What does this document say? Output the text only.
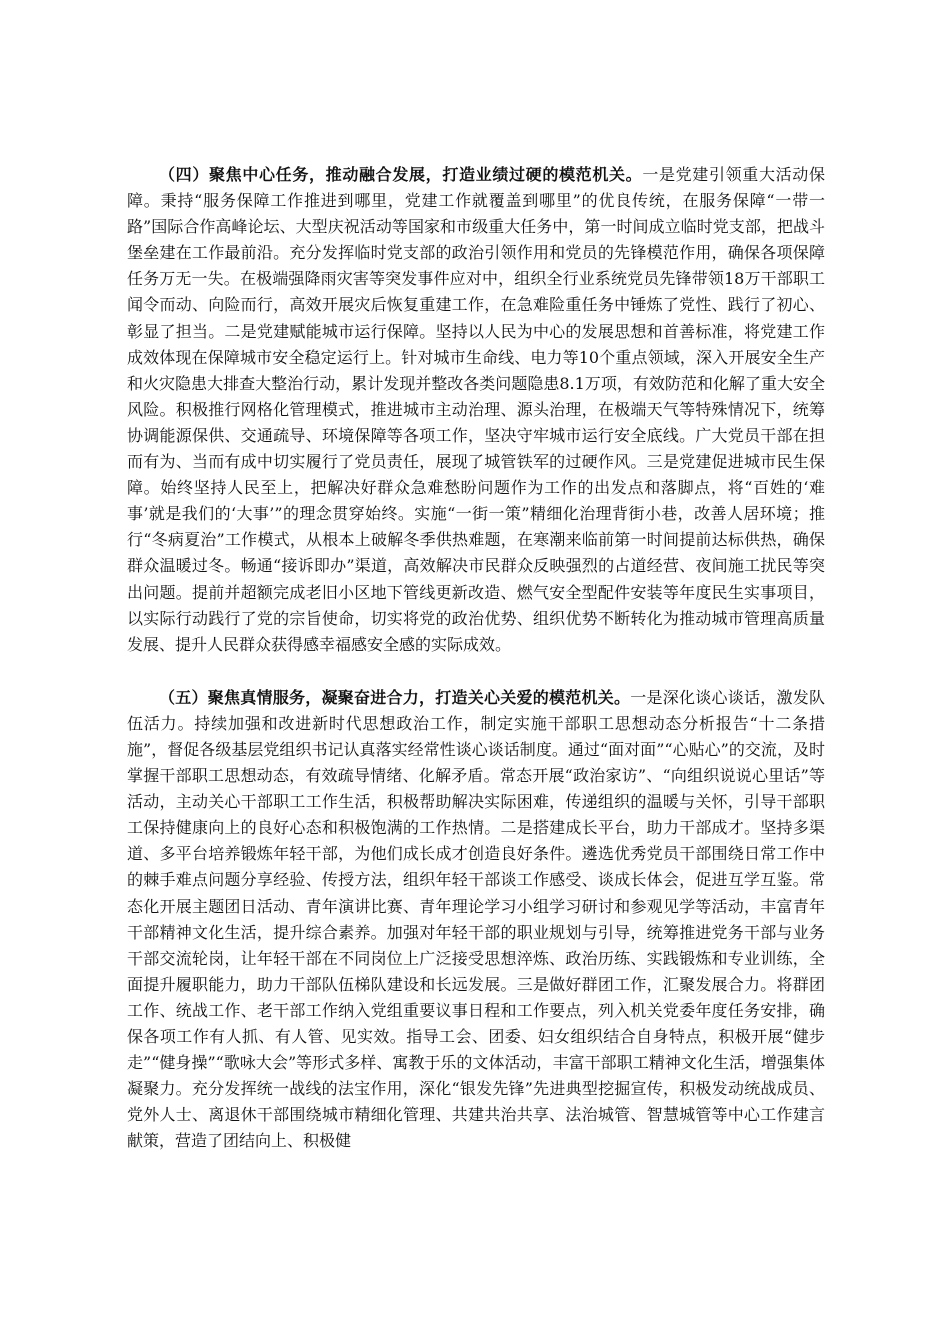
（四）聚焦中心任务，推动融合发展，打造业绩过硬的模范机关。一是党建引领重大活动保障。秉持“服务保障工作推进到哪里，党建工作就覆盖到哪里”的优良传统，在服务保障“一带一路”国际合作高峰论坛、大型庆祝活动等国家和市级重大任务中，第一时间成立临时党支部，把战斗堡垒建在工作最前沿。充分发挥临时党支部的政治引领作用和党员的先锋模范作用，确保各项保障任务万无一失。在极端强降雨灾害等突发事件应对中，组织全行业系统党员先锋带领18万干部职工闻令而动、向险而行，高效开展灾后恢复重建工作，在急难险重任务中锤炼了党性、践行了初心、彰显了担当。二是党建赋能城市运行保障。坚持以人民为中心的发展思想和首善标准，将党建工作成效体现在保障城市安全稳定运行上。针对城市生命线、电力等10个重点领域，深入开展安全生产和火灾隐患大排查大整治行动，累计发现并整改各类问题隐患8.1万项，有效防范和化解了重大安全风险。积极推行网格化管理模式，推进城市主动治理、源头治理，在极端天气等特殊情况下，统筹协调能源保供、交通疏导、环境保障等各项工作，坚决守牢城市运行安全底线。广大党员干部在担而有为、当而有成中切实履行了党员责任，展现了城管铁军的过硬作风。三是党建促进城市民生保障。始终坚持人民至上，把解决好群众急难愁盼问题作为工作的出发点和落脚点，将“百姓的‘难事’就是我们的‘大事’”的理念贯穿始终。实施“一街一策”精细化治理背街小巷，改善人居环境；推行“冬病夏治”工作模式，从根本上破解冬季供热难题，在寒潮来临前第一时间提前达标供热，确保群众温暖过冬。畅通“接诉即办”渠道，高效解决市民群众反映强烈的占道经营、夜间施工扰民等突出问题。提前并超额完成老旧小区地下管线更新改造、燃气安全型配件安装等年度民生实事项目，以实际行动践行了党的宗旨使命，切实将党的政治优势、组织优势不断转化为推动城市管理高质量发展、提升人民群众获得感幸福感安全感的实际成效。

（五）聚焦真情服务，凝聚奋进合力，打造关心关爱的模范机关。一是深化谈心谈话，激发队伍活力。持续加强和改进新时代思想政治工作，制定实施干部职工思想动态分析报告“十二条措施”，督促各级基层党组织书记认真落实经常性谈心谈话制度。通过“面对面”“心贴心”的交流，及时掌握干部职工思想动态，有效疏导情绪、化解矛盾。常态开展“政治家访”、“向组织说说心里话”等活动，主动关心干部职工工作生活，积极帮助解决实际困难，传递组织的温暖与关怀，引导干部职工保持健康向上的良好心态和积极饱满的工作热情。二是搭建成长平台，助力干部成才。坚持多渠道、多平台培养锻炼年轻干部，为他们成长成才创造良好条件。遴选优秀党员干部围绕日常工作中的棘手难点问题分享经验、传授方法，组织年轻干部谈工作感受、谈成长体会，促进互学互鉴。常态化开展主题团日活动、青年演讲比赛、青年理论学习小组学习研讨和参观见学等活动，丰富青年干部精神文化生活，提升综合素养。加强对年轻干部的职业规划与引导，统筹推进党务干部与业务干部交流轮岗，让年轻干部在不同岗位上广泛接受思想淬炼、政治历练、实践锻炼和专业训练，全面提升履职能力，助力干部队伍梯队建设和长远发展。三是做好群团工作，汇聚发展合力。将群团工作、统战工作、老干部工作纳入党组重要议事日程和工作要点，列入机关党委年度任务安排，确保各项工作有人抓、有人管、见实效。指导工会、团委、妇女组织结合自身特点，积极开展“健步走”“健身操”“歌咏大会”等形式多样、寓教于乐的文体活动，丰富干部职工精神文化生活，增强集体凝聚力。充分发挥统一战线的法宝作用，深化“银发先锋”先进典型挖掘宣传，积极发动统战成员、党外人士、离退休干部围绕城市精细化管理、共建共治共享、法治城管、智慧城管等中心工作建言献策，营造了团结向上、积极健
